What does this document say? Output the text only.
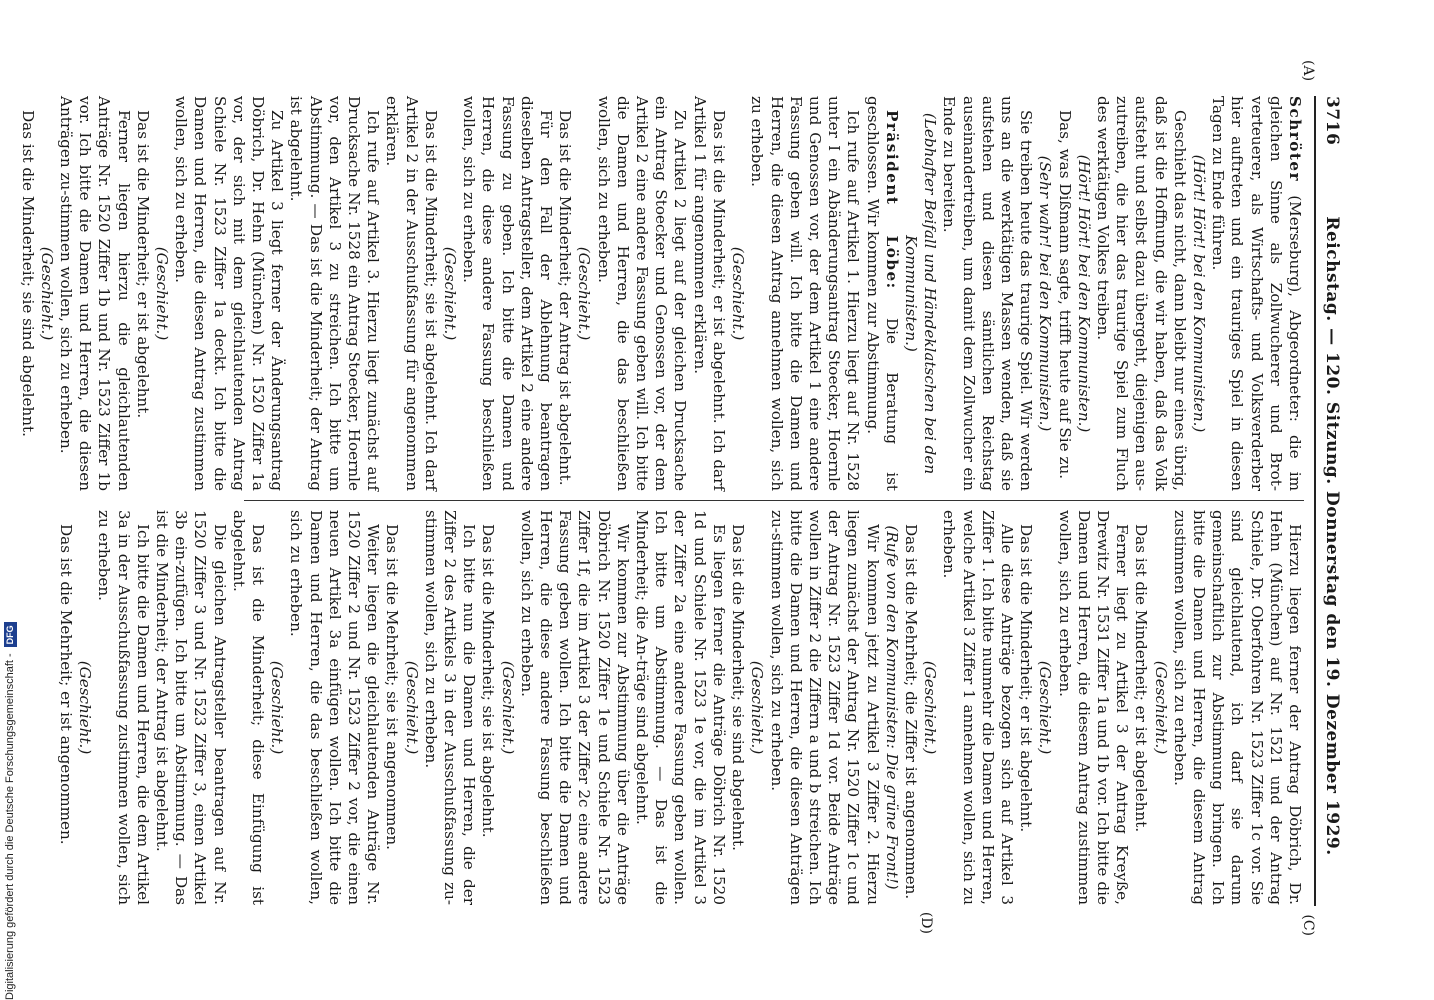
3716
Reichstag. — 120. Sitzung. Donnerstag den 19. Dezember 1929.
(A)
(C)
(D)

Schröter (Merseburg), Abgeordneter: die im gleichen Sinne als Zollwucherer und Brot-verteuerer, als Wirtschafts- und Volksverderber hier auftreten und ein trauriges Spiel in diesen Tagen zu Ende führen.

(Hört! Hört! bei den Kommunisten.)

Geschieht das nicht, dann bleibt nur eines übrig, daß ist die Hoffnung, die wir haben, daß das Volk aufsteht und selbst dazu übergeht, diejenigen aus-zutreiben, die hier das traurige Spiel zum Fluch des werktätigen Volkes treiben.

(Hört! Hört! bei den Kommunisten.)

Das, was Dißmann sagte, trifft heute auf Sie zu.

(Sehr wahr! bei den Kommunisten.)

Sie treiben heute das traurige Spiel. Wir werden uns an die werktätigen Massen wenden, daß sie aufstehen und diesen sämtlichen Reichstag auseinandertreiben, um damit dem Zollwucher ein Ende zu bereiten.

(Lebhafter Beifall und Händeklatschen bei den Kommunisten.)

Präsident Löbe: Die Beratung ist geschlossen. Wir kommen zur Abstimmung.

Ich rufe auf Artikel 1. Hierzu liegt auf Nr. 1528 unter I ein Abänderungsantrag Stoecker, Hoernle und Genossen vor, der dem Artikel 1 eine andere Fassung geben will. Ich bitte die Damen und Herren, die diesen Antrag annehmen wollen, sich zu erheben.

(Geschieht.)

Das ist die Minderheit; er ist abgelehnt. Ich darf Artikel 1 für angenommen erklären.

Zu Artikel 2 liegt auf der gleichen Drucksache ein Antrag Stoecker und Genossen vor, der dem Artikel 2 eine andere Fassung geben will. Ich bitte die Damen und Herren, die das beschließen wollen, sich zu erheben.

(Geschieht.)

Das ist die Minderheit; der Antrag ist abgelehnt.

Für den Fall der Ablehnung beantragen dieselben Antragsteller, dem Artikel 2 eine andere Fassung zu geben. Ich bitte die Damen und Herren, die diese andere Fassung beschließen wollen, sich zu erheben.

(Geschieht.)

Das ist die Minderheit; sie ist abgelehnt. Ich darf Artikel 2 in der Ausschußfassung für angenommen erklären.

Ich rufe auf Artikel 3. Hierzu liegt zunächst auf Drucksache Nr. 1528 ein Antrag Stoecker, Hoernle vor, den Artikel 3 zu streichen. Ich bitte um Abstimmung. — Das ist die Minderheit; der Antrag ist abgelehnt.

Zu Artikel 3 liegt ferner der Änderungsantrag Döbrich, Dr. Hehn (München) Nr. 1520 Ziffer 1a vor, der sich mit dem gleichlautenden Antrag Schiele Nr. 1523 Ziffer 1a deckt. Ich bitte die Damen und Herren, die diesen Antrag zustimmen wollen, sich zu erheben.

(Geschieht.)

Das ist die Minderheit; er ist abgelehnt.

Ferner liegen hierzu die gleichlautenden Anträge Nr. 1520 Ziffer 1b und Nr. 1523 Ziffer 1b vor. Ich bitte die Damen und Herren, die diesen Anträgen zu-stimmen wollen, sich zu erheben.

(Geschieht.)

Das ist die Minderheit; sie sind abgelehnt.

Hierzu liegen ferner der Antrag Döbrich, Dr. Hehn (München) auf Nr. 1521 und der Antrag Schiele, Dr. Oberfohren Nr. 1523 Ziffer 1c vor. Sie sind gleichlautend, ich darf sie darum gemeinschaftlich zur Abstimmung bringen. Ich bitte die Damen und Herren, die diesem Antrag zustimmen wollen, sich zu erheben.

(Geschieht.)

Das ist die Minderheit; er ist abgelehnt.

Ferner liegt zu Artikel 3 der Antrag Kreyße, Drewitz Nr. 1531 Ziffer 1a und 1b vor. Ich bitte die Damen und Herren, die diesem Antrag zustimmen wollen, sich zu erheben.

(Geschieht.)

Das ist die Minderheit; er ist abgelehnt.

Alle diese Anträge bezogen sich auf Artikel 3 Ziffer 1. Ich bitte nunmehr die Damen und Herren, welche Artikel 3 Ziffer 1 annehmen wollen, sich zu erheben.

(Geschieht.)

Das ist die Mehrheit; die Ziffer ist angenommen.

(Rufe von den Kommunisten: Die grüne Front!)

Wir kommen jetzt zu Artikel 3 Ziffer 2. Hierzu liegen zunächst der Antrag Nr. 1520 Ziffer 1c und der Antrag Nr. 1523 Ziffer 1d vor. Beide Anträge wollen in Ziffer 2 die Ziffern a und b streichen. Ich bitte die Damen und Herren, die diesen Anträgen zu-stimmen wollen, sich zu erheben.

(Geschieht.)

Das ist die Minderheit; sie sind abgelehnt.

Es liegen ferner die Anträge Döbrich Nr. 1520 1d und Schiele Nr. 1523 1e vor, die im Artikel 3 der Ziffer 2a eine andere Fassung geben wollen. Ich bitte um Abstimmung. — Das ist die Minderheit; die An-träge sind abgelehnt.

Wir kommen zur Abstimmung über die Anträge Döbrich Nr. 1520 Ziffer 1e und Schiele Nr. 1523 Ziffer 1f, die im Artikel 3 der Ziffer 2c eine andere Fassung geben wollen. Ich bitte die Damen und Herren, die diese andere Fassung beschließen wollen, sich zu erheben.

(Geschieht.)

Das ist die Minderheit; sie ist abgelehnt.

Ich bitte nun die Damen und Herren, die der Ziffer 2 des Artikels 3 in der Ausschußfassung zu-stimmen wollen, sich zu erheben.

(Geschieht.)

Das ist die Mehrheit; sie ist angenommen.

Weiter liegen die gleichlautenden Anträge Nr. 1520 Ziffer 2 und Nr. 1523 Ziffer 2 vor, die einen neuen Artikel 3a einfügen wollen. Ich bitte die Damen und Herren, die das beschließen wollen, sich zu erheben.

(Geschieht.)

Das ist die Minderheit; diese Einfügung ist abgelehnt.

Die gleichen Antragsteller beantragen auf Nr. 1520 Ziffer 3 und Nr. 1523 Ziffer 3, einen Artikel 3b ein-zufügen. Ich bitte um Abstimmung. — Das ist die Minderheit; der Antrag ist abgelehnt.

Ich bitte die Damen und Herren, die dem Artikel 3a in der Ausschußfassung zustimmen wollen, sich zu erheben.

(Geschieht.)

Das ist die Mehrheit; er ist angenommen.

Digitalisierung gefördert durch die Deutsche Forschungsgemeinschaft -
DFG
